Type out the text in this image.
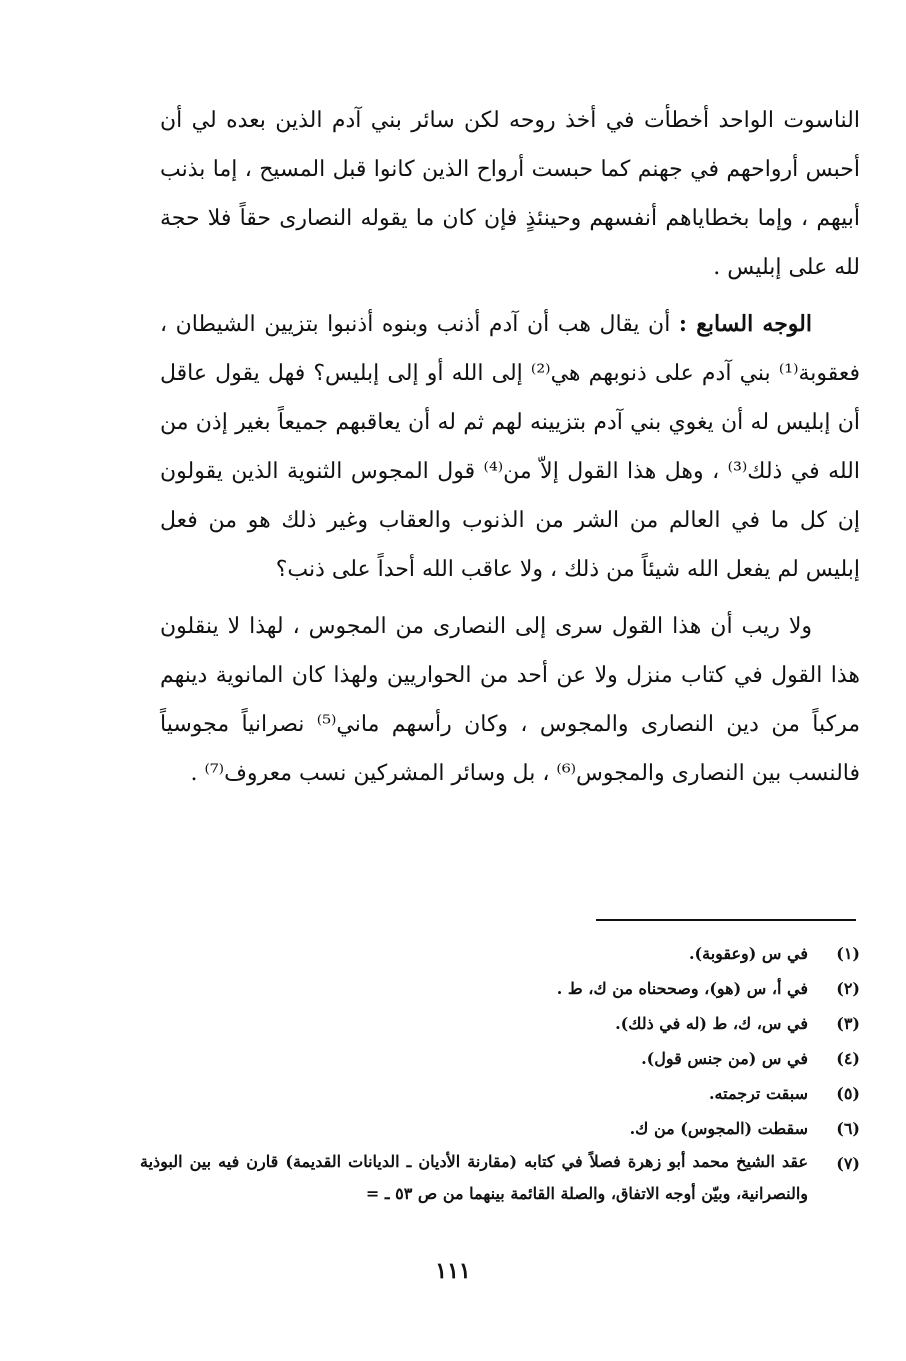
الناسوت الواحد أخطأت في أخذ روحه لكن سائر بني آدم الذين بعده لي أن أحبس أرواحهم في جهنم كما حبست أرواح الذين كانوا قبل المسيح ، إما بذنب أبيهم ، وإما بخطاياهم أنفسهم وحينئذٍ فإن كان ما يقوله النصارى حقاً فلا حجة لله على إبليس .

الوجه السابع : أن يقال هب أن آدم أذنب وبنوه أذنبوا بتزيين الشيطان ، فعقوبة⁽¹⁾ بني آدم على ذنوبهم هي⁽²⁾ إلى الله أو إلى إبليس؟ فهل يقول عاقل أن إبليس له أن يغوي بني آدم بتزيينه لهم ثم له أن يعاقبهم جميعاً بغير إذن من الله في ذلك⁽³⁾ ، وهل هذا القول إلاّ من⁽⁴⁾ قول المجوس الثنوية الذين يقولون إن كل ما في العالم من الشر من الذنوب والعقاب وغير ذلك هو من فعل إبليس لم يفعل الله شيئاً من ذلك ، ولا عاقب الله أحداً على ذنب؟

ولا ريب أن هذا القول سرى إلى النصارى من المجوس ، لهذا لا ينقلون هذا القول في كتاب منزل ولا عن أحد من الحواريين ولهذا كان المانوية دينهم مركباً من دين النصارى والمجوس ، وكان رأسهم ماني⁽⁵⁾ نصرانياً مجوسياً فالنسب بين النصارى والمجوس⁽⁶⁾ ، بل وسائر المشركين نسب معروف⁽⁷⁾ .

(١)
في س (وعقوبة).
(٢)
في أ، س (هو)، وصححناه من ك، ط .
(٣)
في س، ك، ط (له في ذلك).
(٤)
في س (من جنس قول).
(٥)
سبقت ترجمته.
(٦)
سقطت (المجوس) من ك.
(٧)
عقد الشيخ محمد أبو زهرة فصلاً في كتابه (مقارنة الأديان ـ الديانات القديمة) قارن فيه بين البوذية والنصرانية، وبيّن أوجه الاتفاق، والصلة القائمة بينهما من ص ٥٣ ـ =
١١١
